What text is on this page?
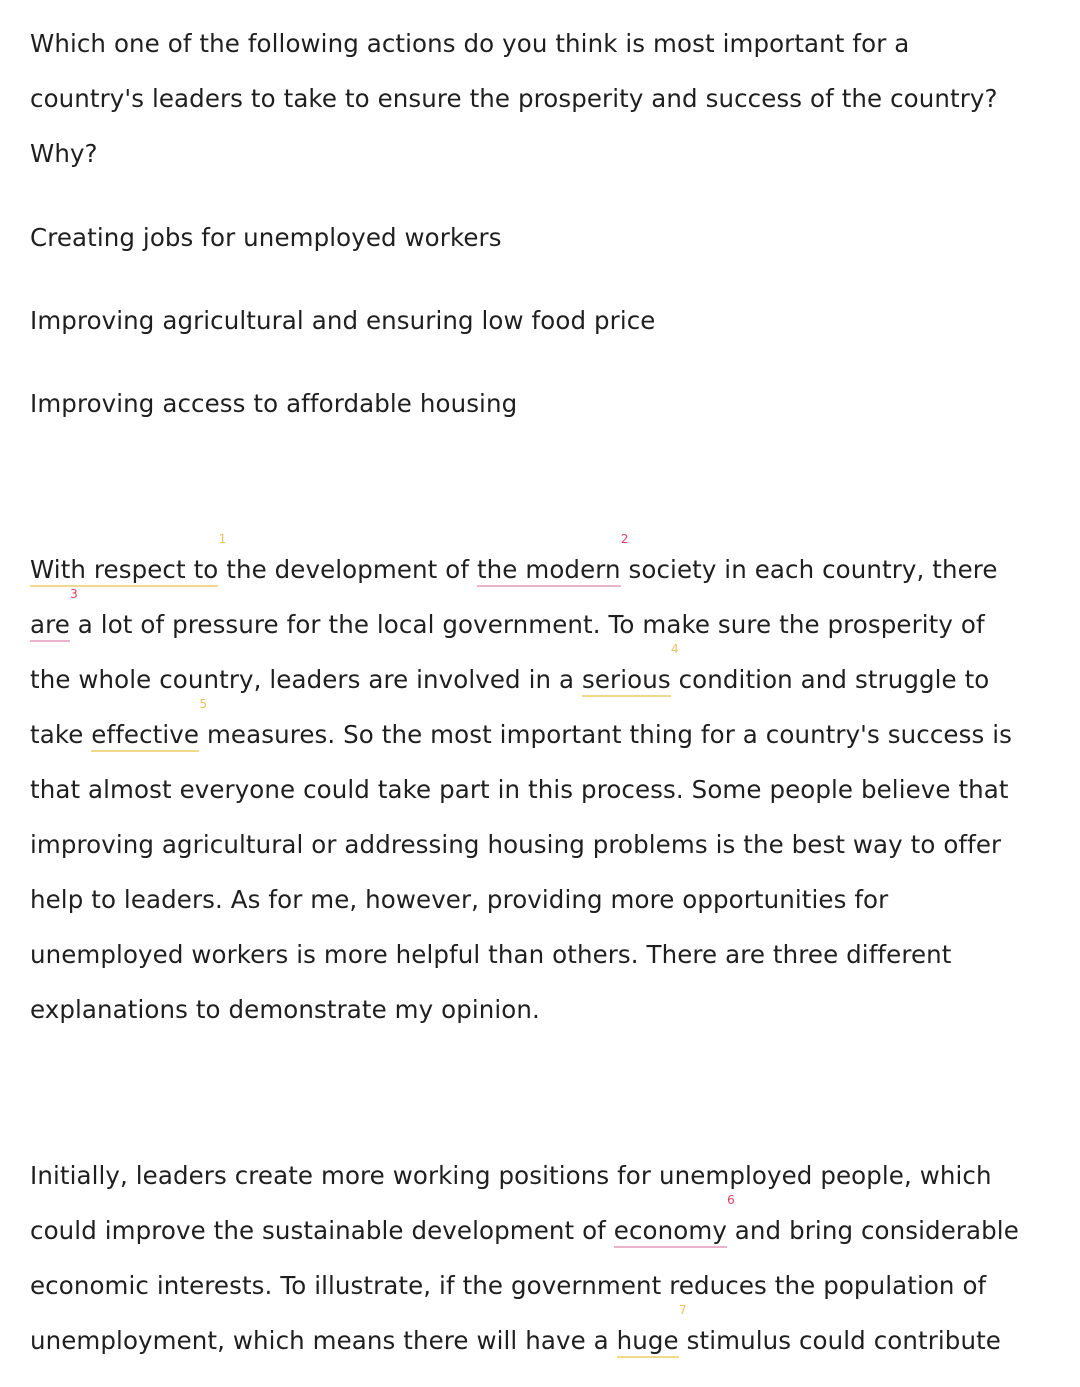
Which one of the following actions do you think is most important for a
country's leaders to take to ensure the prosperity and success of the country?
Why?
Creating jobs for unemployed workers
Improving agricultural and ensuring low food price
Improving access to affordable housing
With respect to
1
the development of the modern
2
society in each country, there
are
3
a lot of pressure for the local government. To make sure the prosperity of
the whole country, leaders are involved in a serious
4
condition and struggle to
take effective
5
measures. So the most important thing for a country's success is
that almost everyone could take part in this process. Some people believe that
improving agricultural or addressing housing problems is the best way to offer
help to leaders. As for me, however, providing more opportunities for
unemployed workers is more helpful than others. There are three different
explanations to demonstrate my opinion.
Initially, leaders create more working positions for unemployed people, which
could improve the sustainable development of economy
6
and bring considerable
economic interests. To illustrate, if the government reduces the population of
unemployment, which means there will have a huge
7
stimulus could contribute
